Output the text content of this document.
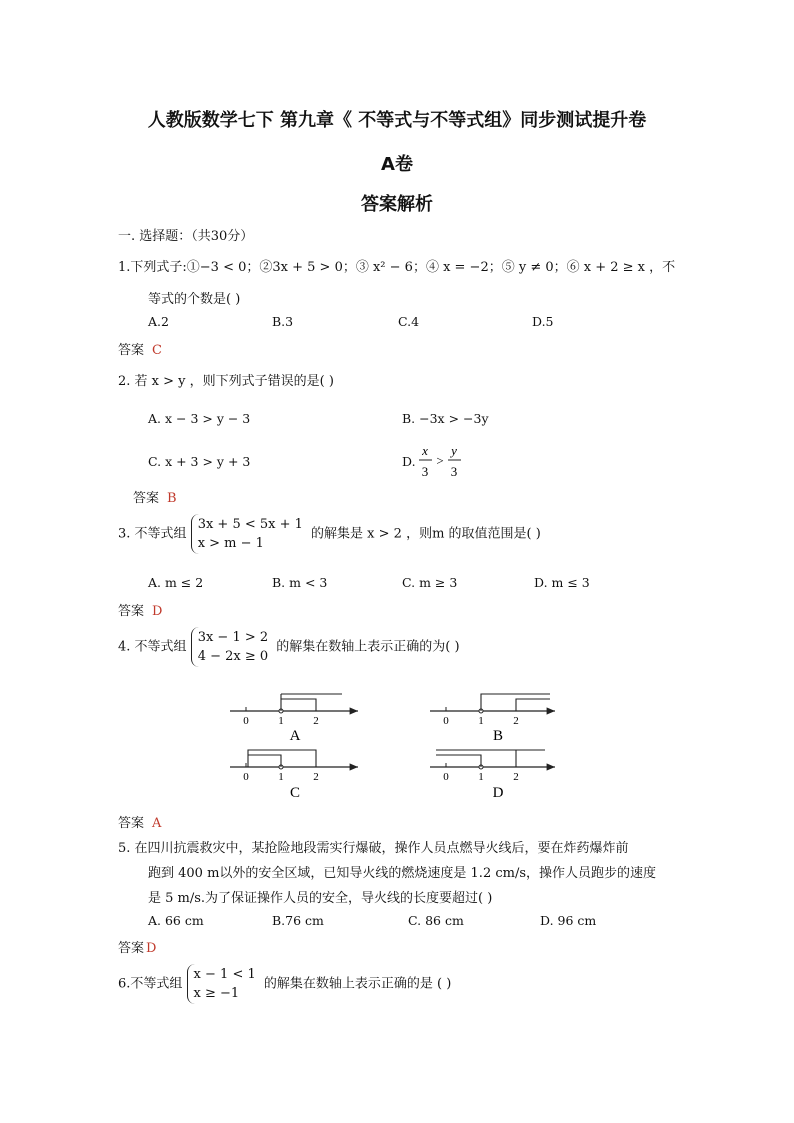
人教版数学七下 第九章《 不等式与不等式组》同步测试提升卷
A卷
答案解析
一. 选择题：（共30分）
1.下列式子:①−3 < 0；②3x + 5 > 0；③ x² − 6；④ x = −2；⑤ y ≠ 0；⑥ x + 2 ≥ x ，不
等式的个数是( )
A.2	B.3	C.4	D.5
答案 C
2. 若 x > y ，则下列式子错误的是( )
A. x − 3 > y − 3	B. −3x > −3y
C. x + 3 > y + 3	D.
x
3
>
y
3
答案 B
3. 不等式组
3x + 5 < 5x + 1
x > m − 1
的解集是 x > 2 ，则m 的取值范围是( )
A. m ≤ 2	B. m < 3	C. m ≥ 3	D. m ≤ 3
答案 D
4. 不等式组
3x − 1 > 2
4 − 2x ≥ 0
的解集在数轴上表示正确的为( )
0	1	2
A
0	1	2
B
0	1	2
C
0	1	2
D
答案 A
5. 在四川抗震救灾中，某抢险地段需实行爆破，操作人员点燃导火线后，要在炸药爆炸前
跑到 400 m以外的安全区域，已知导火线的燃烧速度是 1.2 cm/s，操作人员跑步的速度
是 5 m/s.为了保证操作人员的安全，导火线的长度要超过( )
A. 66 cm	B.76 cm	C. 86 cm	D. 96 cm
答案 D
6.不等式组
x − 1 < 1
x ≥ −1
的解集在数轴上表示正确的是 ( )
